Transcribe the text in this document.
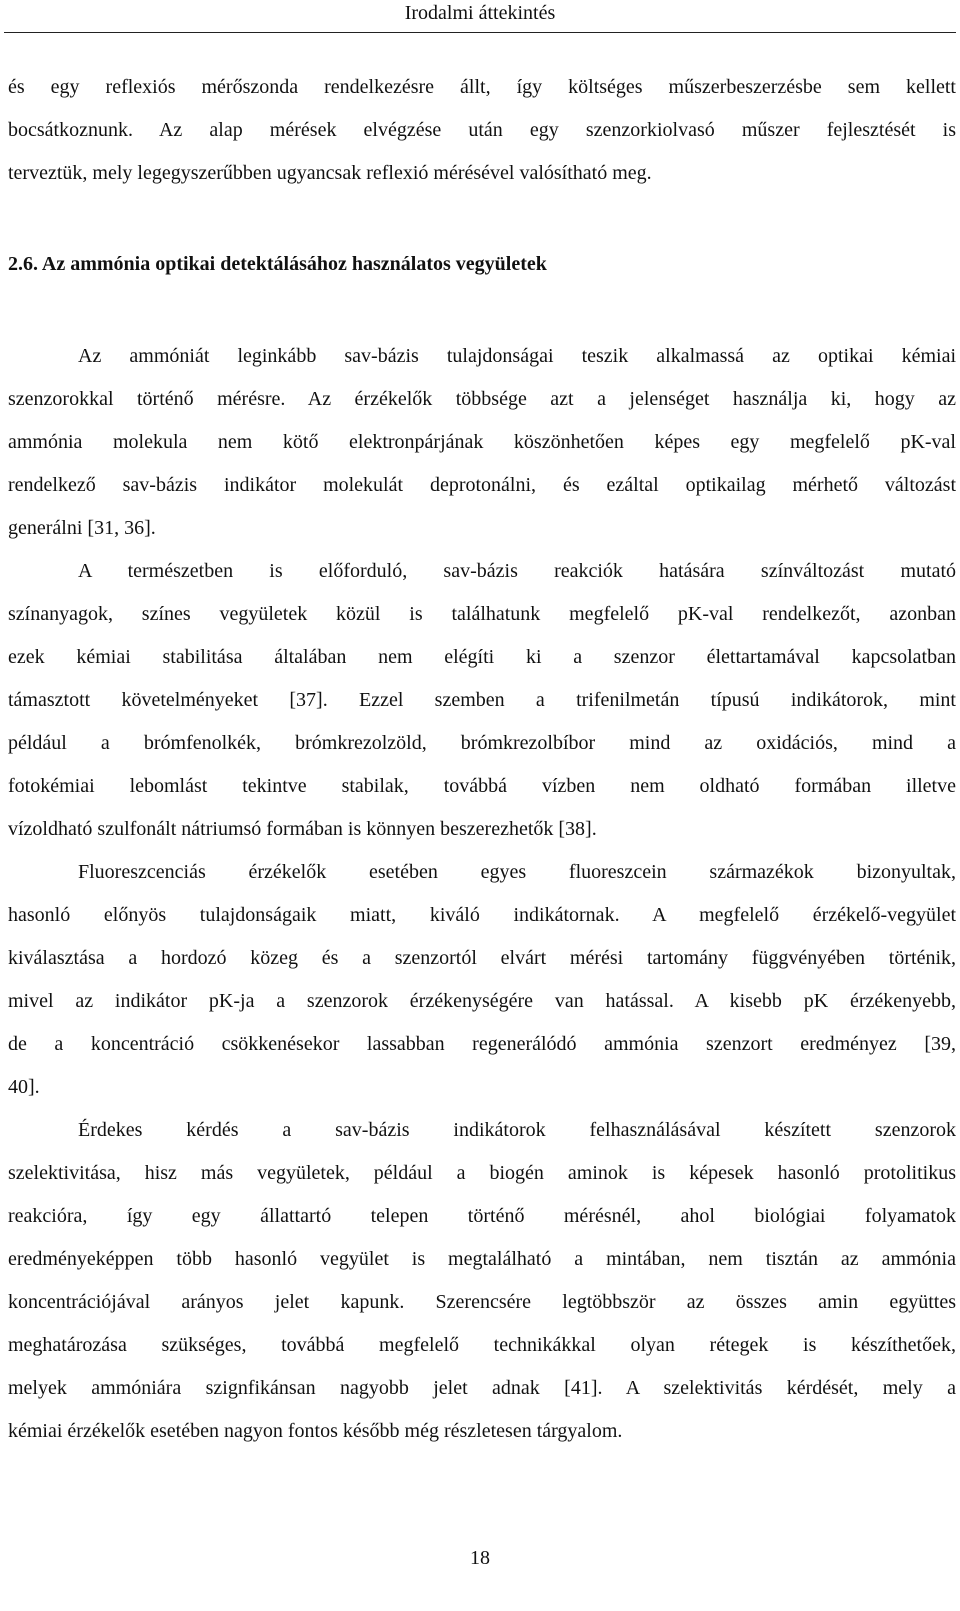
Irodalmi áttekintés
és egy reflexiós mérőszonda rendelkezésre állt, így költséges műszerbeszerzésbe sem kellett
bocsátkoznunk. Az alap mérések elvégzése után egy szenzorkiolvasó műszer fejlesztését is
terveztük, mely legegyszerűbben ugyancsak reflexió mérésével valósítható meg.

2.6. Az ammónia optikai detektálásához használatos vegyületek

Az ammóniát leginkább sav-bázis tulajdonságai teszik alkalmassá az optikai kémiai
szenzorokkal történő mérésre. Az érzékelők többsége azt a jelenséget használja ki, hogy az
ammónia molekula nem kötő elektronpárjának köszönhetően képes egy megfelelő pK-val
rendelkező sav-bázis indikátor molekulát deprotonálni, és ezáltal optikailag mérhető változást
generálni [31, 36].
A természetben is előforduló, sav-bázis reakciók hatására színváltozást mutató
színanyagok, színes vegyületek közül is találhatunk megfelelő pK-val rendelkezőt, azonban
ezek kémiai stabilitása általában nem elégíti ki a szenzor élettartamával kapcsolatban
támasztott követelményeket [37]. Ezzel szemben a trifenilmetán típusú indikátorok, mint
például a brómfenolkék, brómkrezolzöld, brómkrezolbíbor mind az oxidációs, mind a
fotokémiai lebomlást tekintve stabilak, továbbá vízben nem oldható formában illetve
vízoldható szulfonált nátriumsó formában is könnyen beszerezhetők [38].
Fluoreszcenciás érzékelők esetében egyes fluoreszcein származékok bizonyultak,
hasonló előnyös tulajdonságaik miatt, kiváló indikátornak. A megfelelő érzékelő-vegyület
kiválasztása a hordozó közeg és a szenzortól elvárt mérési tartomány függvényében történik,
mivel az indikátor pK-ja a szenzorok érzékenységére van hatással. A kisebb pK érzékenyebb,
de a koncentráció csökkenésekor lassabban regenerálódó ammónia szenzort eredményez [39,
40].
Érdekes kérdés a sav-bázis indikátorok felhasználásával készített szenzorok
szelektivitása, hisz más vegyületek, például a biogén aminok is képesek hasonló protolitikus
reakcióra, így egy állattartó telepen történő mérésnél, ahol biológiai folyamatok
eredményeképpen több hasonló vegyület is megtalálható a mintában, nem tisztán az ammónia
koncentrációjával arányos jelet kapunk. Szerencsére legtöbbször az összes amin együttes
meghatározása szükséges, továbbá megfelelő technikákkal olyan rétegek is készíthetőek,
melyek ammóniára szignfikánsan nagyobb jelet adnak [41]. A szelektivitás kérdését, mely a
kémiai érzékelők esetében nagyon fontos később még részletesen tárgyalom.
18
